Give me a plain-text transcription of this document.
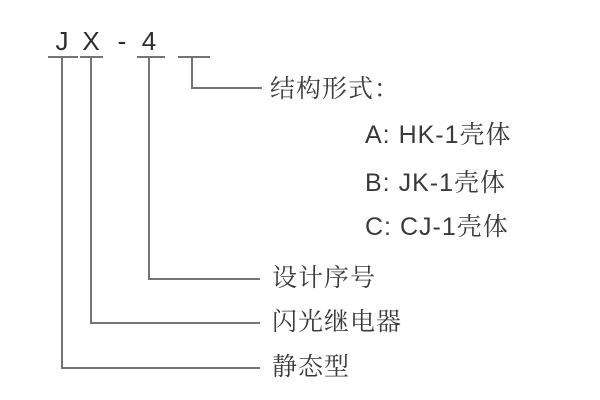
J X - 4
结构形式：
A: HK-1壳体
B: JK-1壳体
C: CJ-1壳体
设计序号
闪光继电器
静态型
